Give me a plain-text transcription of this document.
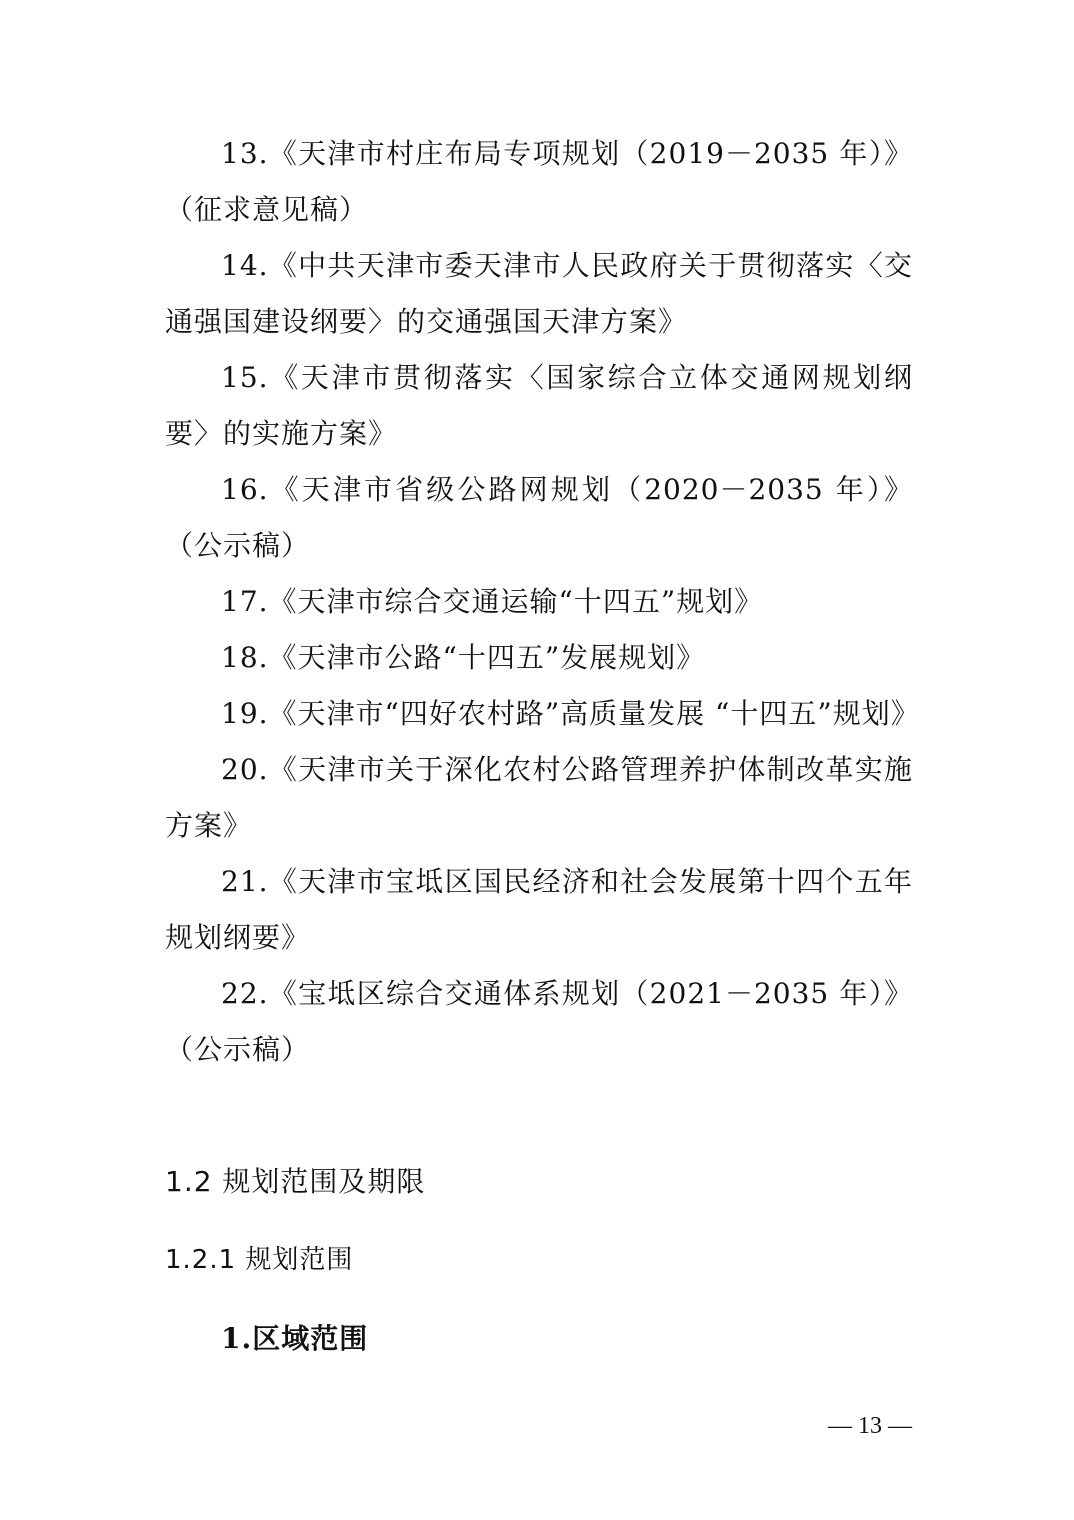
13.《天津市村庄布局专项规划（2019－2035 年）》（征求意见稿）
14.《中共天津市委天津市人民政府关于贯彻落实〈交通强国建设纲要〉的交通强国天津方案》
15.《天津市贯彻落实〈国家综合立体交通网规划纲要〉的实施方案》
16.《天津市省级公路网规划（2020－2035 年）》（公示稿）
17.《天津市综合交通运输“十四五”规划》
18.《天津市公路“十四五”发展规划》
19.《天津市“四好农村路”高质量发展 “十四五”规划》
20.《天津市关于深化农村公路管理养护体制改革实施方案》
21.《天津市宝坻区国民经济和社会发展第十四个五年规划纲要》
22.《宝坻区综合交通体系规划（2021－2035 年）》（公示稿）
1.2 规划范围及期限
1.2.1 规划范围
1.区域范围
— 13 —
